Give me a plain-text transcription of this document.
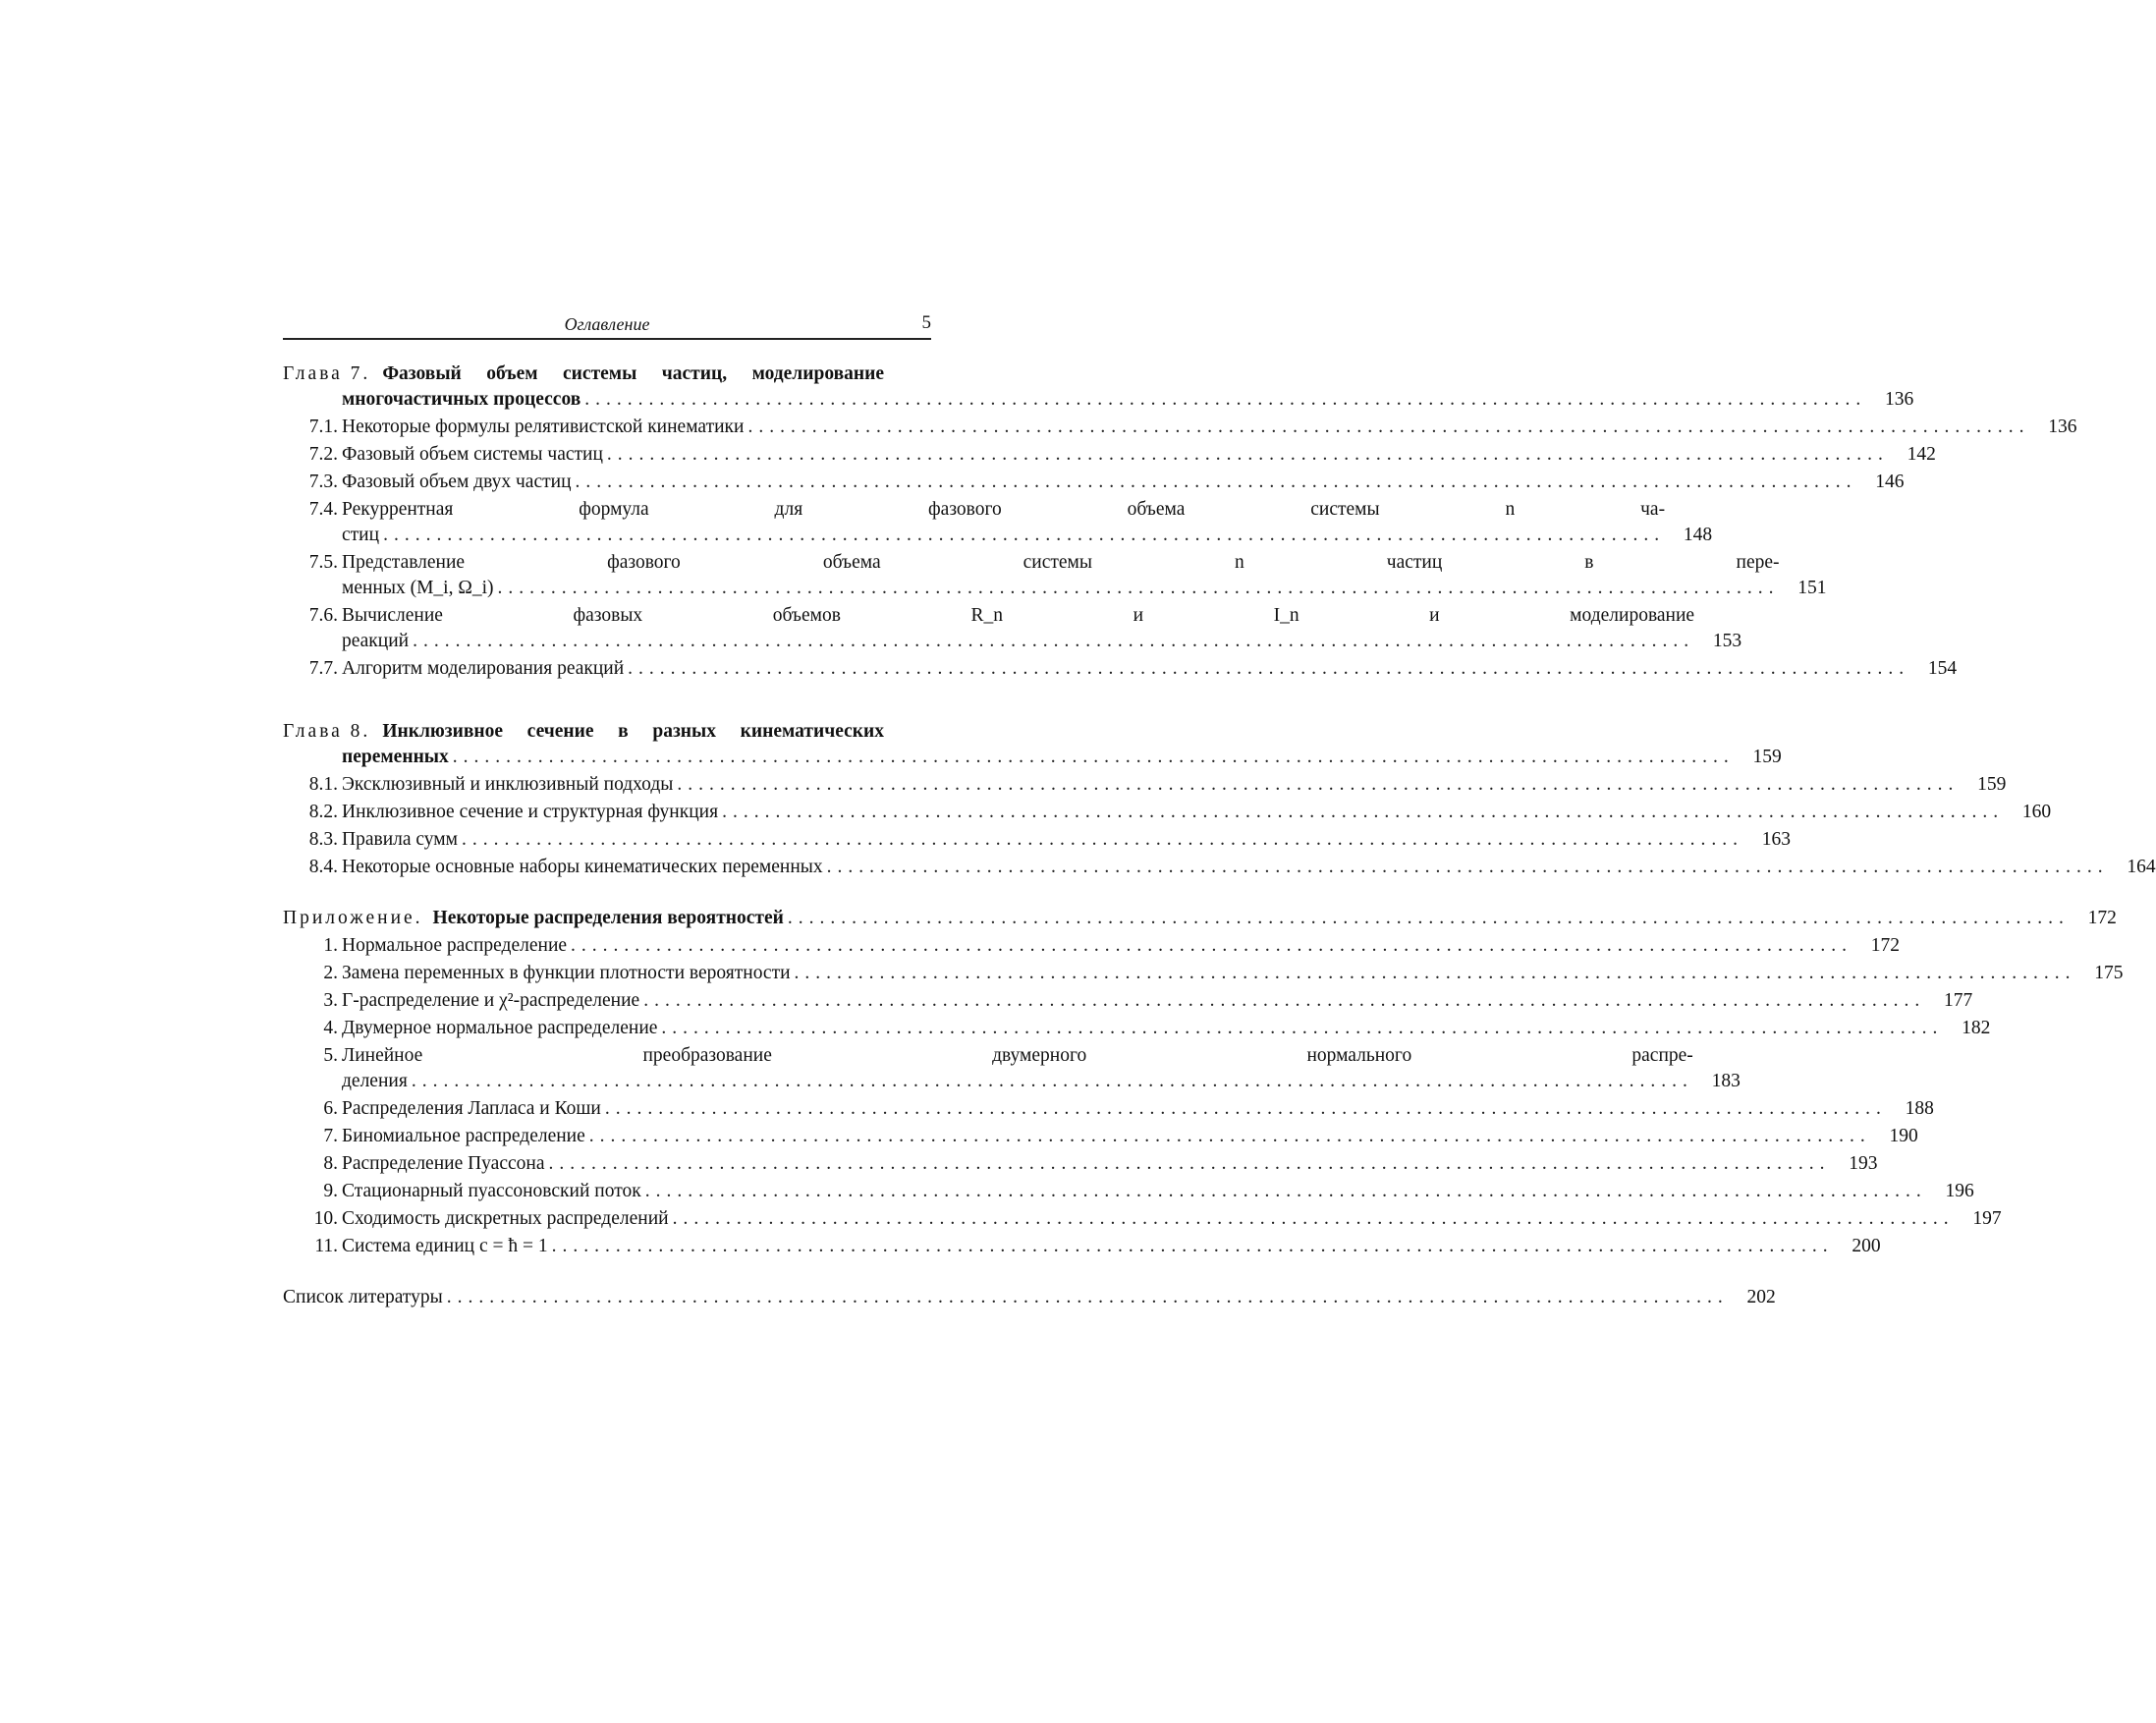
Оглавление	5
Глава 7. Фазовый объем системы частиц, моделирование
многочастичных процессов ........................................................................................................................ 136
7.1. Некоторые формулы релятивистской кинематики ........................................................................................................................ 136
7.2. Фазовый объем системы частиц ........................................................................................................................ 142
7.3. Фазовый объем двух частиц ........................................................................................................................ 146
7.4. Рекуррентная формула для фазового объема системы n ча-
стиц ........................................................................................................................ 148
7.5. Представление фазового объема системы n частиц в пере-
менных (M_i, Ω_i) ........................................................................................................................ 151
7.6. Вычисление фазовых объемов R_n и I_n и моделирование
реакций ........................................................................................................................ 153
7.7. Алгоритм моделирования реакций ........................................................................................................................ 154
Глава 8. Инклюзивное сечение в разных кинематических
переменных ........................................................................................................................ 159
8.1. Эксклюзивный и инклюзивный подходы ........................................................................................................................ 159
8.2. Инклюзивное сечение и структурная функция ........................................................................................................................ 160
8.3. Правила сумм ........................................................................................................................ 163
8.4. Некоторые основные наборы кинематических переменных ........................................................................................................................ 164
Приложение. Некоторые распределения вероятностей ........................................................................................................................ 172
1. Нормальное распределение ........................................................................................................................ 172
2. Замена переменных в функции плотности вероятности ........................................................................................................................ 175
3. Г-распределение и χ²-распределение ........................................................................................................................ 177
4. Двумерное нормальное распределение ........................................................................................................................ 182
5. Линейное преобразование двумерного нормального распре-
деления ........................................................................................................................ 183
6. Распределения Лапласа и Коши ........................................................................................................................ 188
7. Биномиальное распределение ........................................................................................................................ 190
8. Распределение Пуассона ........................................................................................................................ 193
9. Стационарный пуассоновский поток ........................................................................................................................ 196
10. Сходимость дискретных распределений ........................................................................................................................ 197
11. Система единиц c = ħ = 1 ........................................................................................................................ 200
Список литературы ........................................................................................................................ 202
